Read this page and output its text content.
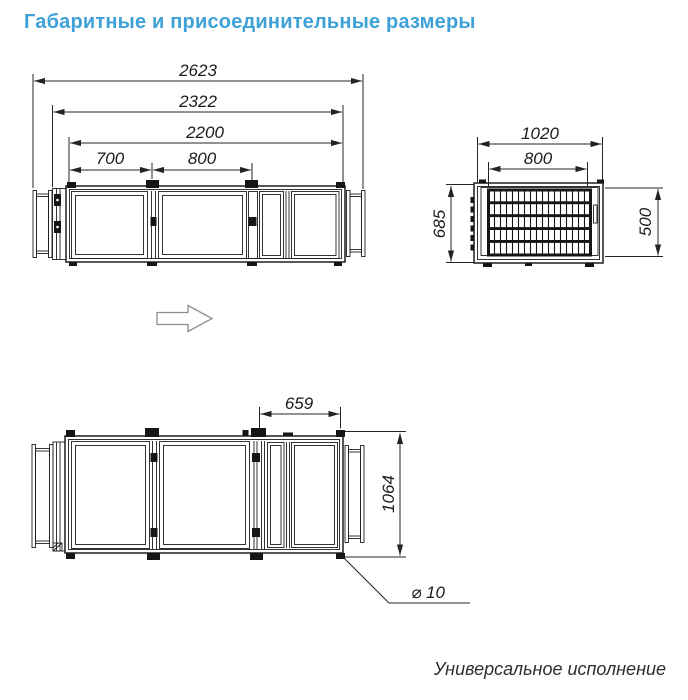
Габаритные и присоединительные размеры
2623
2322
2200
700	800
1020
800
685	500
659
1064
⌀ 10
Универсальное исполнение
